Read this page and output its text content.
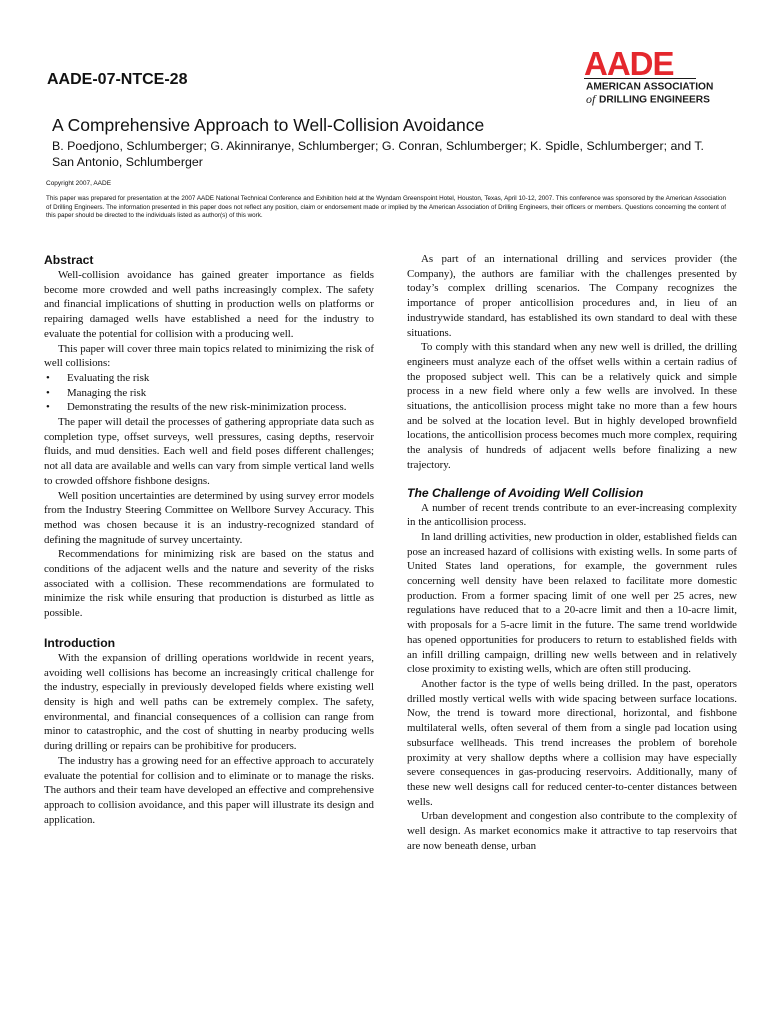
AADE-07-NTCE-28	AADE
AMERICAN ASSOCIATION
of DRILLING ENGINEERS
A Comprehensive Approach to Well-Collision Avoidance

B. Poedjono, Schlumberger; G. Akinniranye, Schlumberger; G. Conran, Schlumberger; K. Spidle, Schlumberger; and T. San Antonio, Schlumberger

Copyright 2007, AADE

This paper was prepared for presentation at the 2007 AADE National Technical Conference and Exhibition held at the Wyndam Greenspoint Hotel, Houston, Texas, April 10-12, 2007. This conference was sponsored by the American Association of Drilling Engineers. The information presented in this paper does not reflect any position, claim or endorsement made or implied by the American Association of Drilling Engineers, their officers or members. Questions concerning the content of this paper should be directed to the individuals listed as author(s) of this work.

Abstract

Well-collision avoidance has gained greater importance as fields become more crowded and well paths increasingly complex. The safety and financial implications of shutting in production wells on platforms or repairing damaged wells have established a need for the industry to evaluate the potential for collision with a producing well.

This paper will cover three main topics related to minimizing the risk of well collisions:

• Evaluating the risk
• Managing the risk
• Demonstrating the results of the new risk-minimization process.

The paper will detail the processes of gathering appropriate data such as completion type, offset surveys, well pressures, casing depths, reservoir fluids, and mud densities. Each well and field poses different challenges; not all data are available and wells can vary from simple vertical land wells to crowded offshore fishbone designs.

Well position uncertainties are determined by using survey error models from the Industry Steering Committee on Wellbore Survey Accuracy. This method was chosen because it is an industry-recognized standard of defining the magnitude of survey uncertainty.

Recommendations for minimizing risk are based on the status and conditions of the adjacent wells and the nature and severity of the risks associated with a collision. These recommendations are formulated to minimize the risk while ensuring that production is disturbed as little as possible.

Introduction

With the expansion of drilling operations worldwide in recent years, avoiding well collisions has become an increasingly critical challenge for the industry, especially in previously developed fields where existing well density is high and well paths can be extremely complex. The safety, environmental, and financial consequences of a collision can range from minor to catastrophic, and the cost of shutting in nearby producing wells during drilling or repairs can be prohibitive for producers.

The industry has a growing need for an effective approach to accurately evaluate the potential for collision and to eliminate or to manage the risks. The authors and their team have developed an effective and comprehensive approach to collision avoidance, and this paper will illustrate its design and application.

As part of an international drilling and services provider (the Company), the authors are familiar with the challenges presented by today’s complex drilling scenarios. The Company recognizes the importance of proper anticollision procedures and, in lieu of an industrywide standard, has established its own standard to deal with these situations.

To comply with this standard when any new well is drilled, the drilling engineers must analyze each of the offset wells within a certain radius of the proposed subject well. This can be a relatively quick and simple process in a new field where only a few wells are involved. In these situations, the anticollision process might take no more than a few hours and be solved at the location level. But in highly developed brownfield locations, the anticollision process becomes much more complex, requiring the analysis of hundreds of adjacent wells before finalizing a new trajectory.

The Challenge of Avoiding Well Collision

A number of recent trends contribute to an ever-increasing complexity in the anticollision process.

In land drilling activities, new production in older, established fields can pose an increased hazard of collisions with existing wells. In some parts of United States land operations, for example, the government rules concerning well density have been relaxed to facilitate more domestic production. From a former spacing limit of one well per 25 acres, new regulations have reduced that to a 20-acre limit and then a 10-acre limit, with proposals for a 5-acre limit in the future. The same trend worldwide has opened opportunities for producers to return to established fields with an infill drilling campaign, drilling new wells between and in relatively close proximity to existing wells, which are often still producing.

Another factor is the type of wells being drilled. In the past, operators drilled mostly vertical wells with wide spacing between surface locations. Now, the trend is toward more directional, horizontal, and fishbone multilateral wells, often several of them from a single pad location using subsurface wellheads. This trend increases the problem of borehole proximity at very shallow depths where a collision may have especially severe consequences in gas-producing reservoirs. Additionally, many of these new well designs call for reduced center-to-center distances between wells.

Urban development and congestion also contribute to the complexity of well design. As market economics make it attractive to tap reservoirs that are now beneath dense, urban
